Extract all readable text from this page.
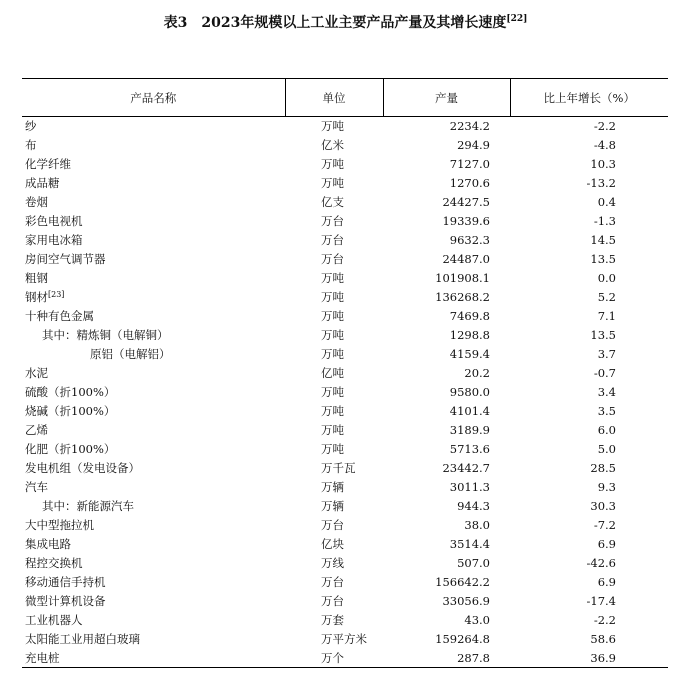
表3 2023年规模以上工业主要产品产量及其增长速度[22]
产品名称	单位	产量	比上年增长（%）
纱	万吨	2234.2	-2.2
布	亿米	294.9	-4.8
化学纤维	万吨	7127.0	10.3
成品糖	万吨	1270.6	-13.2
卷烟	亿支	24427.5	0.4
彩色电视机	万台	19339.6	-1.3
家用电冰箱	万台	9632.3	14.5
房间空气调节器	万台	24487.0	13.5
粗钢	万吨	101908.1	0.0
钢材[23]	万吨	136268.2	5.2
十种有色金属	万吨	7469.8	7.1
其中：精炼铜（电解铜）	万吨	1298.8	13.5
原铝（电解铝）	万吨	4159.4	3.7
水泥	亿吨	20.2	-0.7
硫酸（折100%）	万吨	9580.0	3.4
烧碱（折100%）	万吨	4101.4	3.5
乙烯	万吨	3189.9	6.0
化肥（折100%）	万吨	5713.6	5.0
发电机组（发电设备）	万千瓦	23442.7	28.5
汽车	万辆	3011.3	9.3
其中：新能源汽车	万辆	944.3	30.3
大中型拖拉机	万台	38.0	-7.2
集成电路	亿块	3514.4	6.9
程控交换机	万线	507.0	-42.6
移动通信手持机	万台	156642.2	6.9
微型计算机设备	万台	33056.9	-17.4
工业机器人	万套	43.0	-2.2
太阳能工业用超白玻璃	万平方米	159264.8	58.6
充电桩	万个	287.8	36.9
